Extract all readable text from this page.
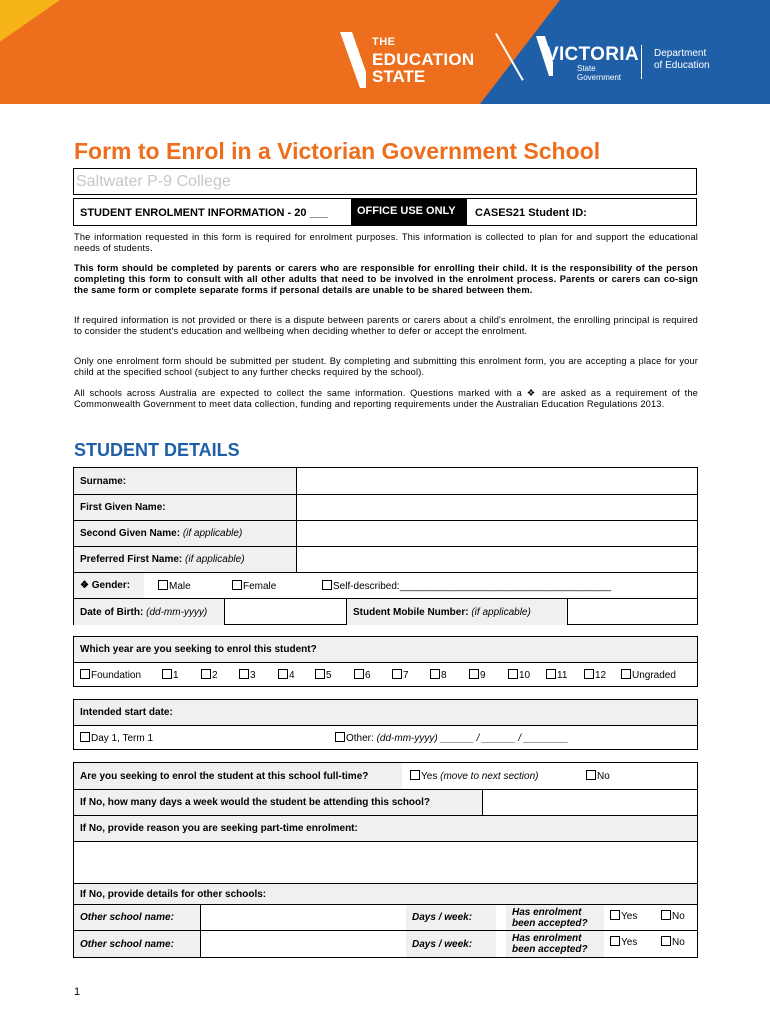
THE
EDUCATION
STATE
VICTORIA
State
Government
Department
of Education
Form to Enrol in a Victorian Government School
Saltwater P-9 College
STUDENT ENROLMENT INFORMATION - 20 ___	OFFICE USE ONLY	CASES21 Student ID:
The information requested in this form is required for enrolment purposes. This information is collected to plan for and support the educational needs of students.
This form should be completed by parents or carers who are responsible for enrolling their child. It is the responsibility of the person completing this form to consult with all other adults that need to be involved in the enrolment process. Parents or carers can co-sign the same form or complete separate forms if personal details are unable to be shared between them.
If required information is not provided or there is a dispute between parents or carers about a child's enrolment, the enrolling principal is required to consider the student's education and wellbeing when deciding whether to defer or accept the enrolment.
Only one enrolment form should be submitted per student. By completing and submitting this enrolment form, you are accepting a place for your child at the specified school (subject to any further checks required by the school).
All schools across Australia are expected to collect the same information. Questions marked with a ❖ are asked as a requirement of the Commonwealth Government to meet data collection, funding and reporting requirements under the Australian Education Regulations 2013.
STUDENT DETAILS
Surname:
First Given Name:
Second Given Name:
(if applicable)
Preferred First Name:
(if applicable)
❖ Gender:	Male	Female	Self-described:______________________________________
Date of Birth:
(dd-mm-yyyy)	Student Mobile Number:
(if applicable)
Which year are you seeking to enrol this student?
Foundation	1	2	3	4	5	6	7	8	9	10	11	12	Ungraded
Intended start date:
Day 1, Term 1	Other: (dd-mm-yyyy) ______ / ______ / ________
Are you seeking to enrol the student at this school full-time?	Yes (move to next section)	No
If No, how many days a week would the student be attending this school?
If No, provide reason you are seeking part-time enrolment:
If No, provide details for other schools:
Other school name:	Days / week:	Has enrolment been accepted?
Yes	No
Other school name:	Days / week:	Has enrolment been accepted?
Yes	No
1
